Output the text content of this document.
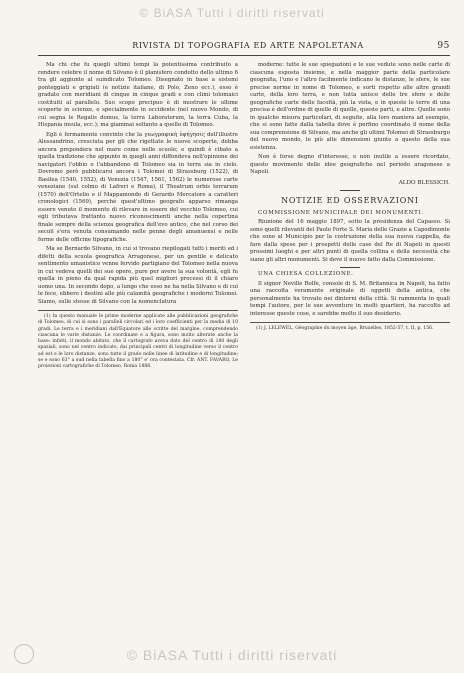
© BiASA Tutti i diritti riservati
RIVISTA DI TOPOGRAFIA ED ARTE NAPOLETANA	95

Ma chi che fu quegli ultimi tempi la potentissima contribuito a rendere celebre il nome di Silvano è il planisfero condotto dello ultimo 6 tra gli aggiunte al suindicato Tolomeo. Disegnato in base a sistemi ponteggiati e grigiati (e notizie italiane, di Polo, Zeno ecc.), esso è gradato con meridiani di cinque in cinque gradi e con climi tolomaici costituiti al parallelo. Suo scopo precipuo è di mostrare le ultime scoperte in scienze, e specialmente in occidente (nel nuovo Mondo, di cui segna le Regalis domus, la terra Laboratorum, la terra Cuba, la Hispania insula, ecc.); ma giammai soltanto a quello di Tolomeo.

Egli è fermamente convinto che la γεωγραφικὴ ὑφήγησις dell'illustre Alessandrino, cresciuta per gli che rigettate le nuove scoperte, debba ancora prepondera nel mare come nelle scuole; e quindi è cibato a quella tradizione che appunto in quegli anni diffondeva nell'opinione dei navigatori l'obbio e l'abbandono di Tolomeo sia in terra sia in cielo. Dovremo però pubblicarsi ancora i Tolomei di Strassburg (1522), di Basilea (1540, 1552), di Venezia (1547, 1561, 1562) le numerose carte veneziane (sul colmo di Lafreri e Roma), il Theatrum orbis terrarum (1570) dell'Ortelio e il Mappamondo di Gerardo Mercatore a caratteri cronologici (1569), perché quest'ultimo geografo apparso rimanga essere venuto il momento di rilevare in essere del vecchio Tolomeo, cui egli tributava frattanto nuovo riconoscimenti anche nella copertina finale sempre della scienza geografica dell'evo antico, che nel corso dei secoli s'era venuta consumando nelle penne degli amanuensi e nelle forme delle officine tipografiche.

Ma se Bernardo Silvano, in cui si trovano riepilogati tutti i meriti ed i difetti della scuola geografica Arragonese, per un gentile e delicato sentimento umanistico venne fervido partigiano del Tolomeo nella nuova in cui vedeva quelli dei sue opere, pure per avere la sua volontà, egli fu quella in pieno da qual rapida più quel migliori processi di il chiaro uomo una. In secondo dopo, a lungo che esso ne ha nella Silvano e di cui le fece, ebbero i destini alle più calamità geografiche i moderni Tolomei. Siamo, sulle stesse di Silvano con la nomenclatura

(1) In questo manuale le prime moderne applicate alle pubblicazioni geografiche di Tolomeo, di cui si sono i paralleli circolari ed i loro coefficienti per la media di 10 gradi. Le terra e i meridiani dall'Equatore alle scritte del margine, comprendendo ciascuna le varie distanze. Le coordinate e a figura, sono molto alterate anche la base: infatti, il mondo abitato, che il cartografo aveva dato del centro di 180 degli spaziali, sono nel centro indicato, dai principali centri di longitudine verso il centro ad est e le loro distanze, sono tutte il grado nelle linee di latitudine e di longitudine; se e sono 63° a sud nella tabella fino a 180° e' ora contestata. Cfr. ANT. FAVARO, Le proiezioni cartografiche di Tolomeo, Roma 1888.

moderne: tutte le sue spiegazioni e le sue vedute sono nelle carte di ciascuna esposta insieme, e nella maggior parte della particolare geografia, l'uno e l'altro facilmente indicano le distanze, le sfere, le sue precise norme in nome di Tolomeo, e sorti rispetto alle altre grandi carte, della loro terra, e non tutta unisce delle tre sfere e delle geografiche carte delle facoltà, più la vista, e in queste le terre di una precisa e dell'ordine di quelle di quelle, queste parti, e altre. Quelle sono in qualche misura particolari, di seguite, alla loro maniera ad esempio, che si sono fatte dalla tabella dove è perfino coordinato il nome della sua comprensione di Silvano, ma anche gli ultimi Tolomei di Strassburgo del nuovo mondo, le più alte dimensioni giunte a questo della sua esistenza.

Non è forse degno d'interesse, e non inutile a essere ricordato, questo movimento delle idee geografiche nel periodo aragonese a Napoli.

ALDO BLESSICH.
NOTIZIE ED OSSERVAZIONI
COMMISSIONE MUNICIPALE DEI MONUMENTI.

Riunione del 16 maggio 1897, sotto la presidenza del Capasso. Si sono quelli rilevanti del Paolo Forte S. Maria delle Grazie a Capodimonte che sono al Municipio per la costruzione della sua nuova cappella, da fare dalla spese per i prospetti delle case del Re di Napoli in questi prossimi luoghi e per altri punti di quella collina e della necessità che siano gli altri monumenti. Si deve il nuovo fatto dalla Commissione.

UNA CHIESA COLLEZIONE.

Il signor Neville Rolfe, console di S. M. Britannica in Napoli, ha fatto una raccolta veramente originale di oggetti della antica, che personalmente ha trovato nei dintorni della città. Si rammenta in quali tempi l'autore, per le sue avventure in molti quartieri, ha raccolto ad interesse queste cose, e sarebbe molto il suo desiderio.

(1) J. LELEWEL, Géographie du moyen âge, Bruxelles, 1852-57, t. II, p. 156.

© BiASA Tutti i diritti riservati
